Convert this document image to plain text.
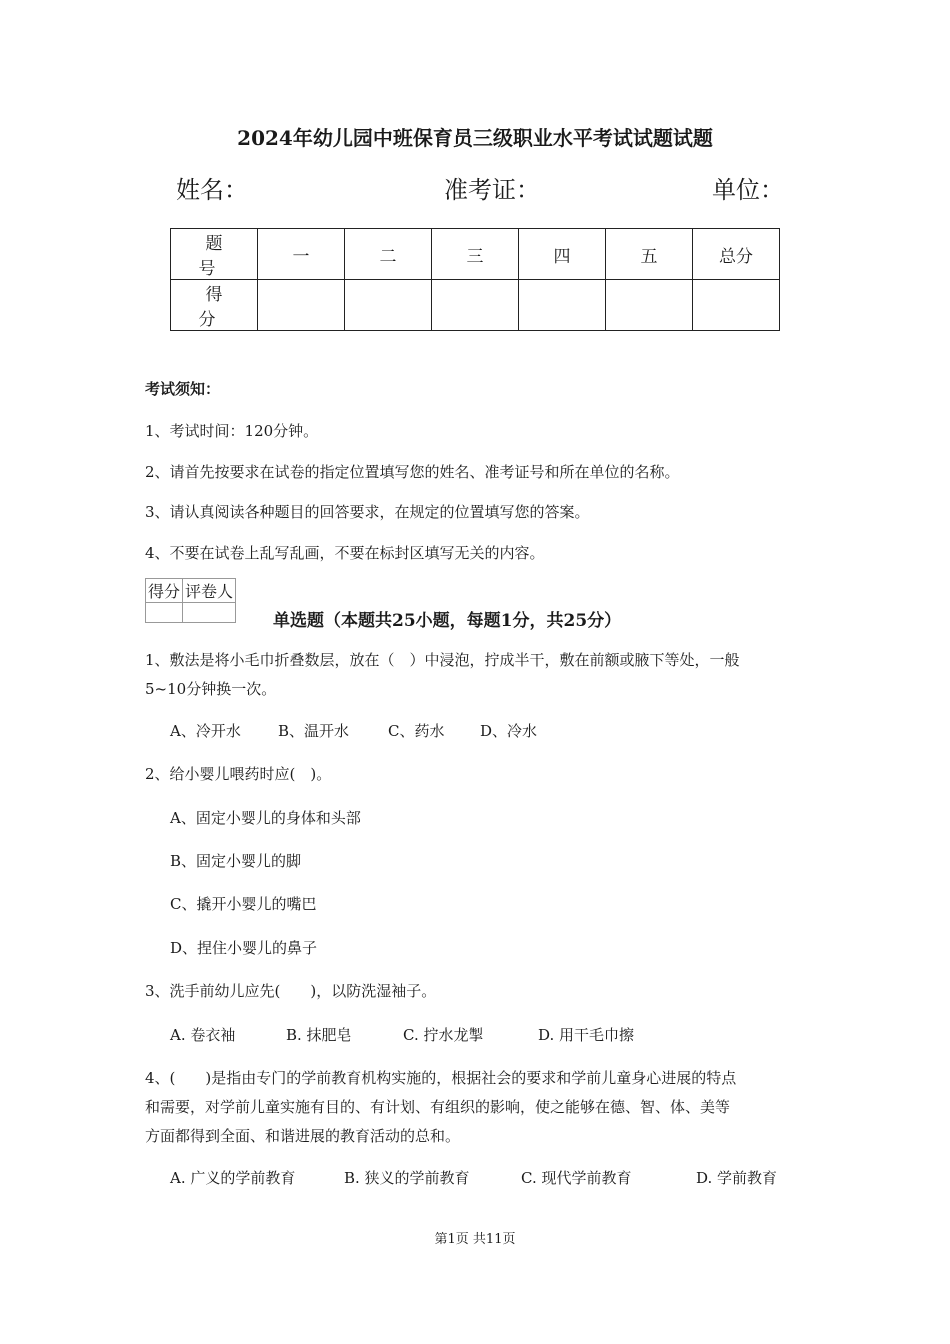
2024年幼儿园中班保育员三级职业水平考试试题试题
姓名：	准考证：	单位：
题 号	一	二	三	四	五	总分
得 分						
考试须知：
1、考试时间：120分钟。
2、请首先按要求在试卷的指定位置填写您的姓名、准考证号和所在单位的名称。
3、请认真阅读各种题目的回答要求，在规定的位置填写您的答案。
4、不要在试卷上乱写乱画，不要在标封区填写无关的内容。
得分	评卷人

单选题（本题共25小题，每题1分，共25分）
1、敷法是将小毛巾折叠数层，放在（　）中浸泡，拧成半干，敷在前额或腋下等处，一般
5~10分钟换一次。
A、冷开水 B、温开水	C、药水 D、冷水
2、给小婴儿喂药时应(　)。
A、固定小婴儿的身体和头部
B、固定小婴儿的脚
C、撬开小婴儿的嘴巴
D、捏住小婴儿的鼻子
3、洗手前幼儿应先(　　)，以防洗湿袖子。
A. 卷衣袖	B. 抹肥皂	C. 拧水龙掣	D. 用干毛巾擦
4、(　　)是指由专门的学前教育机构实施的，根据社会的要求和学前儿童身心进展的特点
和需要，对学前儿童实施有目的、有计划、有组织的影响，使之能够在德、智、体、美等
方面都得到全面、和谐进展的教育活动的总和。
A. 广义的学前教育	B. 狭义的学前教育	C. 现代学前教育	D. 学前教育
第1页 共11页
